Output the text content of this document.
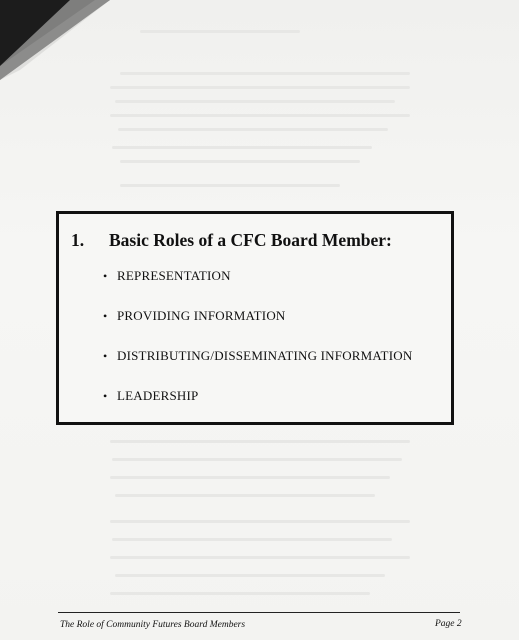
1. Basic Roles of a CFC Board Member:
• REPRESENTATION
• PROVIDING INFORMATION
• DISTRIBUTING/DISSEMINATING INFORMATION
• LEADERSHIP
The Role of Community Futures Board Members	Page 2
